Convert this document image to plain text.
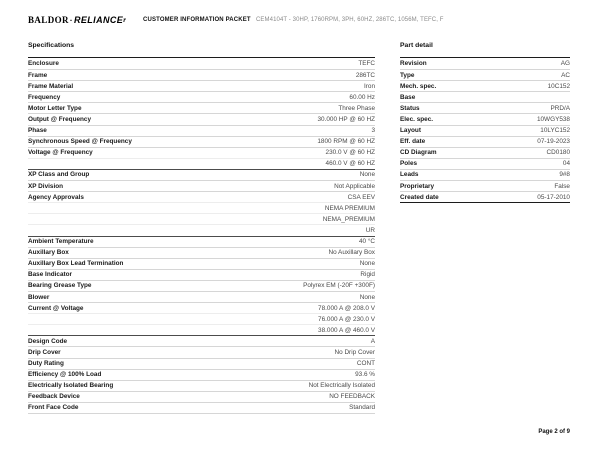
BALDOR·RELIANCEr	CUSTOMER INFORMATION PACKET CEM4104T - 30HP, 1760RPM, 3PH, 60HZ, 286TC, 1056M, TEFC, F
Specifications
Enclosure	TEFC
Frame	286TC
Frame Material	Iron
Frequency	60.00 Hz
Motor Letter Type	Three Phase
Output @ Frequency	30.000 HP @ 60 HZ
Phase	3
Synchronous Speed @ Frequency	1800 RPM @ 60 HZ
Voltage @ Frequency	230.0 V @ 60 HZ
460.0 V @ 60 HZ
XP Class and Group	None
XP Division	Not Applicable
Agency Approvals	CSA EEV
NEMA PREMIUM
NEMA_PREMIUM
UR
Ambient Temperature	40 °C
Auxillary Box	No Auxillary Box
Auxillary Box Lead Termination	None
Base Indicator	Rigid
Bearing Grease Type	Polyrex EM (-20F +300F)
Blower	None
Current @ Voltage	78.000 A @ 208.0 V
76.000 A @ 230.0 V
38.000 A @ 460.0 V
Design Code	A
Drip Cover	No Drip Cover
Duty Rating	CONT
Efficiency @ 100% Load	93.6 %
Electrically Isolated Bearing	Not Electrically Isolated
Feedback Device	NO FEEDBACK
Front Face Code	Standard
Part detail
Revision	AG
Type	AC
Mech. spec.	10C152
Base
Status	PRD/A
Elec. spec.	10WGY538
Layout	10LYC152
Eff. date	07-19-2023
CD Diagram	CD0180
Poles	04
Leads	9#8
Proprietary	False
Created date	05-17-2010
Page 2 of 9
